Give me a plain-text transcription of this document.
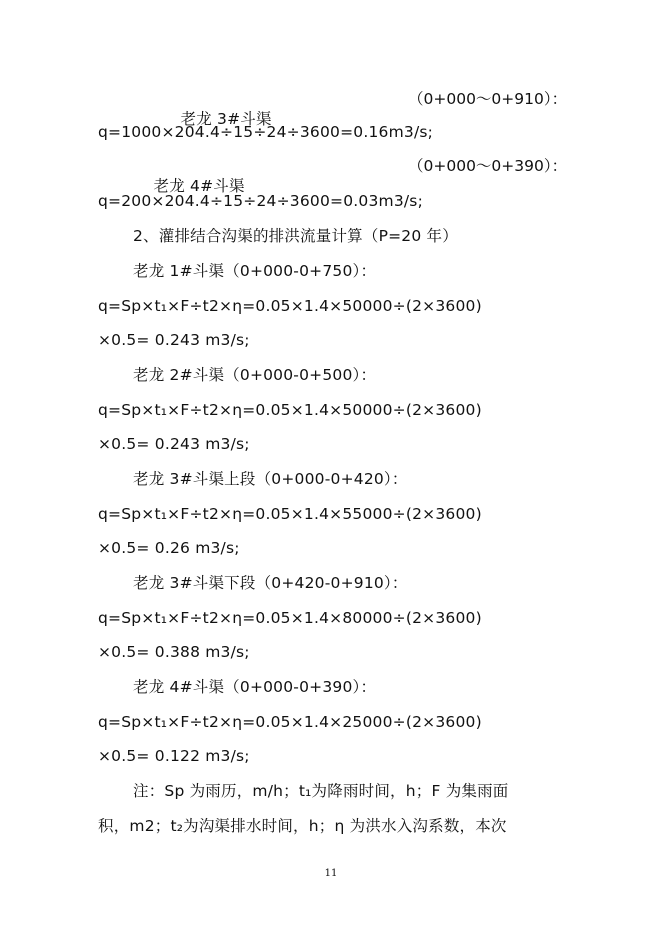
老龙 3#斗渠

（0+000～0+910）：
q=1000×204.4÷15÷24÷3600=0.16m3/s;

老龙 4#斗渠

（0+000～0+390）：
q=200×204.4÷15÷24÷3600=0.03m3/s;
2、灌排结合沟渠的排洪流量计算（P=20 年）
老龙 1#斗渠（0+000-0+750）：
q=Sp×t₁×F÷t2×η=0.05×1.4×50000÷(2×3600)
×0.5= 0.243 m3/s;
老龙 2#斗渠（0+000-0+500）：
q=Sp×t₁×F÷t2×η=0.05×1.4×50000÷(2×3600)
×0.5= 0.243 m3/s;
老龙 3#斗渠上段（0+000-0+420）：
q=Sp×t₁×F÷t2×η=0.05×1.4×55000÷(2×3600)
×0.5= 0.26 m3/s;
老龙 3#斗渠下段（0+420-0+910）：
q=Sp×t₁×F÷t2×η=0.05×1.4×80000÷(2×3600)
×0.5= 0.388 m3/s;
老龙 4#斗渠（0+000-0+390）：
q=Sp×t₁×F÷t2×η=0.05×1.4×25000÷(2×3600)
×0.5= 0.122 m3/s;
注：Sp 为雨历，m/h；t₁为降雨时间，h；F 为集雨面
积，m2；t₂为沟渠排水时间，h；η 为洪水入沟系数，本次
11
